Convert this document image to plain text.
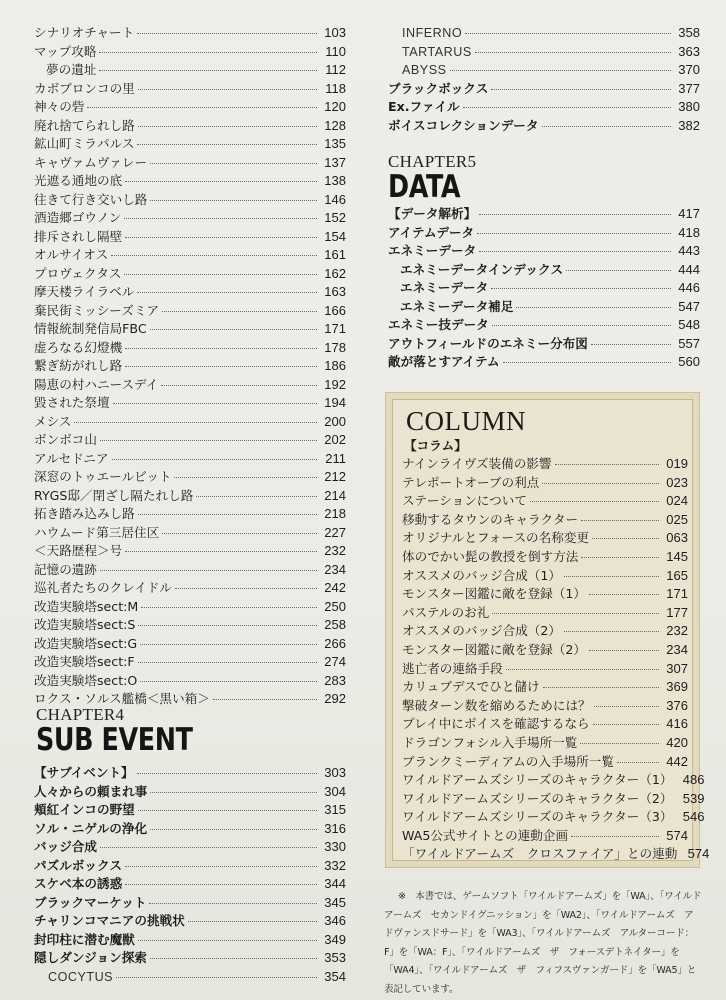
シナリオチャート	103
マップ攻略	110
夢の遺址	112
カボブロンコの里	118
神々の砦	120
廃れ捨てられし路	128
鉱山町ミラパルス	135
キャヴァムヴァレー	137
光遮る通地の底	138
往きて行き交いし路	146
酒造郷ゴウノン	152
排斥されし隔壁	154
オルサイオス	161
プロヴェクタス	162
摩天楼ライラベル	163
棄民街ミッシーズミア	166
情報統制発信局FBC	171
虚ろなる幻燈機	178
繋ぎ紡がれし路	186
陽恵の村ハニースデイ	192
毀された祭壇	194
メシス	200
ボンボコ山	202
アルセドニア	211
深窓のトゥエールビット	212
RYGS邸／閉ざし隔たれし路	214
拓き踏み込みし路	218
ハウムード第三居住区	227
＜天路歴程＞号	232
記憶の遺跡	234
巡礼者たちのクレイドル	242
改造実験塔sect:M	250
改造実験塔sect:S	258
改造実験塔sect:G	266
改造実験塔sect:F	274
改造実験塔sect:O	283
ロクス・ソルス艦橋＜黒い箱＞	292
CHAPTER4
SUB EVENT
【サブイベント】	303
人々からの頼まれ事	304
頬紅インコの野望	315
ソル・ニゲルの浄化	316
バッジ合成	330
パズルボックス	332
スケベ本の誘惑	344
ブラックマーケット	345
チャリンコマニアの挑戦状	346
封印柱に潜む魔獣	349
隠しダンジョン探索	353
COCYTUS	354
INFERNO	358
TARTARUS	363
ABYSS	370
ブラックボックス	377
Ex.ファイル	380
ボイスコレクションデータ	382
CHAPTER5
DATA
【データ解析】	417
アイテムデータ	418
エネミーデータ	443
エネミーデータインデックス	444
エネミーデータ	446
エネミーデータ補足	547
エネミー技データ	548
アウトフィールドのエネミー分布図	557
敵が落とすアイテム	560
COLUMN
【コラム】
ナインライヴズ装備の影響	019
テレポートオーブの利点	023
ステーションについて	024
移動するタウンのキャラクター	025
オリジナルとフォースの名称変更	063
体のでかい髭の教授を倒す方法	145
オススメのバッジ合成（1）	165
モンスター図鑑に敵を登録（1）	171
パステルのお礼	177
オススメのバッジ合成（2）	232
モンスター図鑑に敵を登録（2）	234
逃亡者の連絡手段	307
カリュブデスでひと儲け	369
撃破ターン数を縮めるためには？	376
プレイ中にボイスを確認するなら	416
ドラゴンフォシル入手場所一覧	420
ブランクミーディアムの入手場所一覧	442
ワイルドアームズシリーズのキャラクター（1） 486
ワイルドアームズシリーズのキャラクター（2） 539
ワイルドアームズシリーズのキャラクター（3） 546
WA5公式サイトとの連動企画	574
「ワイルドアームズ　クロスファイア」との連動 574
※　本書では、ゲームソフト「ワイルドアームズ」を「WA」、「ワイルドアームズ　セカンドイグニッション」を「WA2」、「ワイルドアームズ　アドヴァンスドサード」を「WA3」、「ワイルドアームズ　アルターコード：F」を「WA：F」、「ワイルドアームズ　ザ　フォースデトネイター」を「WA4」、「ワイルドアームズ　ザ　フィフスヴァンガード」を「WA5」と表記しています。
